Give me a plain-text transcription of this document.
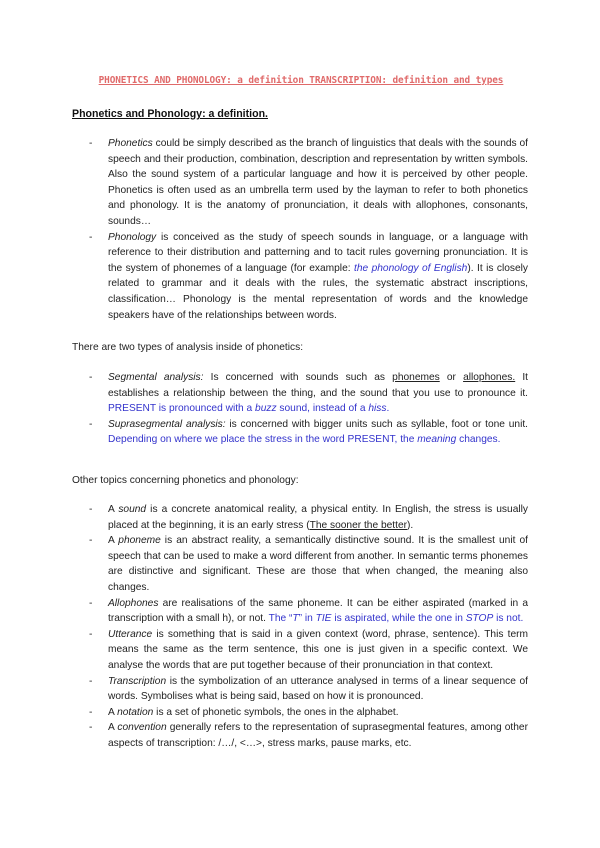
PHONETICS AND PHONOLOGY: a definition TRANSCRIPTION: definition and types
Phonetics and Phonology: a definition.
- Phonetics could be simply described as the branch of linguistics that deals with the sounds of speech and their production, combination, description and representation by written symbols. Also the sound system of a particular language and how it is perceived by other people. Phonetics is often used as an umbrella term used by the layman to refer to both phonetics and phonology. It is the anatomy of pronunciation, it deals with allophones, consonants, sounds…
- Phonology is conceived as the study of speech sounds in language, or a language with reference to their distribution and patterning and to tacit rules governing pronunciation. It is the system of phonemes of a language (for example: the phonology of English). It is closely related to grammar and it deals with the rules, the systematic abstract inscriptions, classification… Phonology is the mental representation of words and the knowledge speakers have of the relationships between words.
There are two types of analysis inside of phonetics:
- Segmental analysis: Is concerned with sounds such as phonemes or allophones. It establishes a relationship between the thing, and the sound that you use to pronounce it. PRESENT is pronounced with a buzz sound, instead of a hiss.
- Suprasegmental analysis: is concerned with bigger units such as syllable, foot or tone unit. Depending on where we place the stress in the word PRESENT, the meaning changes.
Other topics concerning phonetics and phonology:
- A sound is a concrete anatomical reality, a physical entity. In English, the stress is usually placed at the beginning, it is an early stress (The sooner the better).
- A phoneme is an abstract reality, a semantically distinctive sound. It is the smallest unit of speech that can be used to make a word different from another. In semantic terms phonemes are distinctive and significant. These are those that when changed, the meaning also changes.
- Allophones are realisations of the same phoneme. It can be either aspirated (marked in a transcription with a small h), or not. The “T” in TIE is aspirated, while the one in STOP is not.
- Utterance is something that is said in a given context (word, phrase, sentence). This term means the same as the term sentence, this one is just given in a specific context. We analyse the words that are put together because of their pronunciation in that context.
- Transcription is the symbolization of an utterance analysed in terms of a linear sequence of words. Symbolises what is being said, based on how it is pronounced.
- A notation is a set of phonetic symbols, the ones in the alphabet.
- A convention generally refers to the representation of suprasegmental features, among other aspects of transcription: /…/, <…>, stress marks, pause marks, etc.
